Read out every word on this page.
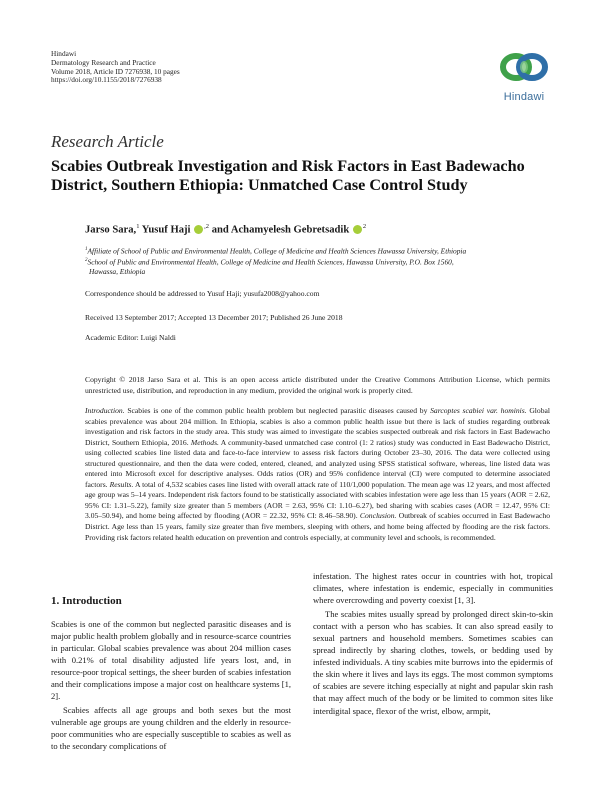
Hindawi
Dermatology Research and Practice
Volume 2018, Article ID 7276938, 10 pages
https://doi.org/10.1155/2018/7276938
Hindawi
Research Article
Scabies Outbreak Investigation and Risk Factors in East Badewacho District, Southern Ethiopia: Unmatched Case Control Study
Jarso Sara,$^1$ Yusuf Haji $^{,2}$ and Achamyelesh Gebretsadik $^2$
$^1$Affiliate of School of Public and Environmental Health, College of Medicine and Health Sciences Hawassa University, Ethiopia
$^2$School of Public and Environmental Health, College of Medicine and Health Sciences, Hawassa University, P.O. Box 1560,
Hawassa, Ethiopia
Correspondence should be addressed to Yusuf Haji; yusufa2008@yahoo.com
Received 13 September 2017; Accepted 13 December 2017; Published 26 June 2018
Academic Editor: Luigi Naldi
Copyright © 2018 Jarso Sara et al. This is an open access article distributed under the Creative Commons Attribution License, which permits unrestricted use, distribution, and reproduction in any medium, provided the original work is properly cited.
Introduction. Scabies is one of the common public health problem but neglected parasitic diseases caused by Sarcoptes scabiei var. hominis. Global scabies prevalence was about 204 million. In Ethiopia, scabies is also a common public health issue but there is lack of studies regarding outbreak investigation and risk factors in the study area. This study was aimed to investigate the scabies suspected outbreak and risk factors in East Badewacho District, Southern Ethiopia, 2016. Methods. A community-based unmatched case control (1: 2 ratios) study was conducted in East Badewacho District, using collected scabies line listed data and face-to-face interview to assess risk factors during October 23–30, 2016. The data were collected using structured questionnaire, and then the data were coded, entered, cleaned, and analyzed using SPSS statistical software, whereas, line listed data was entered into Microsoft excel for descriptive analyses. Odds ratios (OR) and 95% confidence interval (CI) were computed to determine associated factors. Results. A total of 4,532 scabies cases line listed with overall attack rate of 110/1,000 population. The mean age was 12 years, and most affected age group was 5–14 years. Independent risk factors found to be statistically associated with scabies infestation were age less than 15 years (AOR = 2.62, 95% CI: 1.31–5.22), family size greater than 5 members (AOR = 2.63, 95% CI: 1.10–6.27), bed sharing with scabies cases (AOR = 12.47, 95% CI: 3.05–50.94), and home being affected by flooding (AOR = 22.32, 95% CI: 8.46–58.90). Conclusion. Outbreak of scabies occurred in East Badewacho District. Age less than 15 years, family size greater than five members, sleeping with others, and home being affected by flooding are the risk factors. Providing risk factors related health education on prevention and controls especially, at community level and schools, is recommended.
1. Introduction

Scabies is one of the common but neglected parasitic diseases and is major public health problem globally and in resource-scarce countries in particular. Global scabies prevalence was about 204 million cases with 0.21% of total disability adjusted life years lost, and, in resource-poor tropical settings, the sheer burden of scabies infestation and their complications impose a major cost on healthcare systems [1, 2].

Scabies affects all age groups and both sexes but the most vulnerable age groups are young children and the elderly in resource-poor communities who are especially susceptible to scabies as well as to the secondary complications of

infestation. The highest rates occur in countries with hot, tropical climates, where infestation is endemic, especially in communities where overcrowding and poverty coexist [1, 3].

The scabies mites usually spread by prolonged direct skin-to-skin contact with a person who has scabies. It can also spread easily to sexual partners and household members. Sometimes scabies can spread indirectly by sharing clothes, towels, or bedding used by infested individuals. A tiny scabies mite burrows into the epidermis of the skin where it lives and lays its eggs. The most common symptoms of scabies are severe itching especially at night and papular skin rash that may affect much of the body or be limited to common sites like interdigital space, flexor of the wrist, elbow, armpit,
